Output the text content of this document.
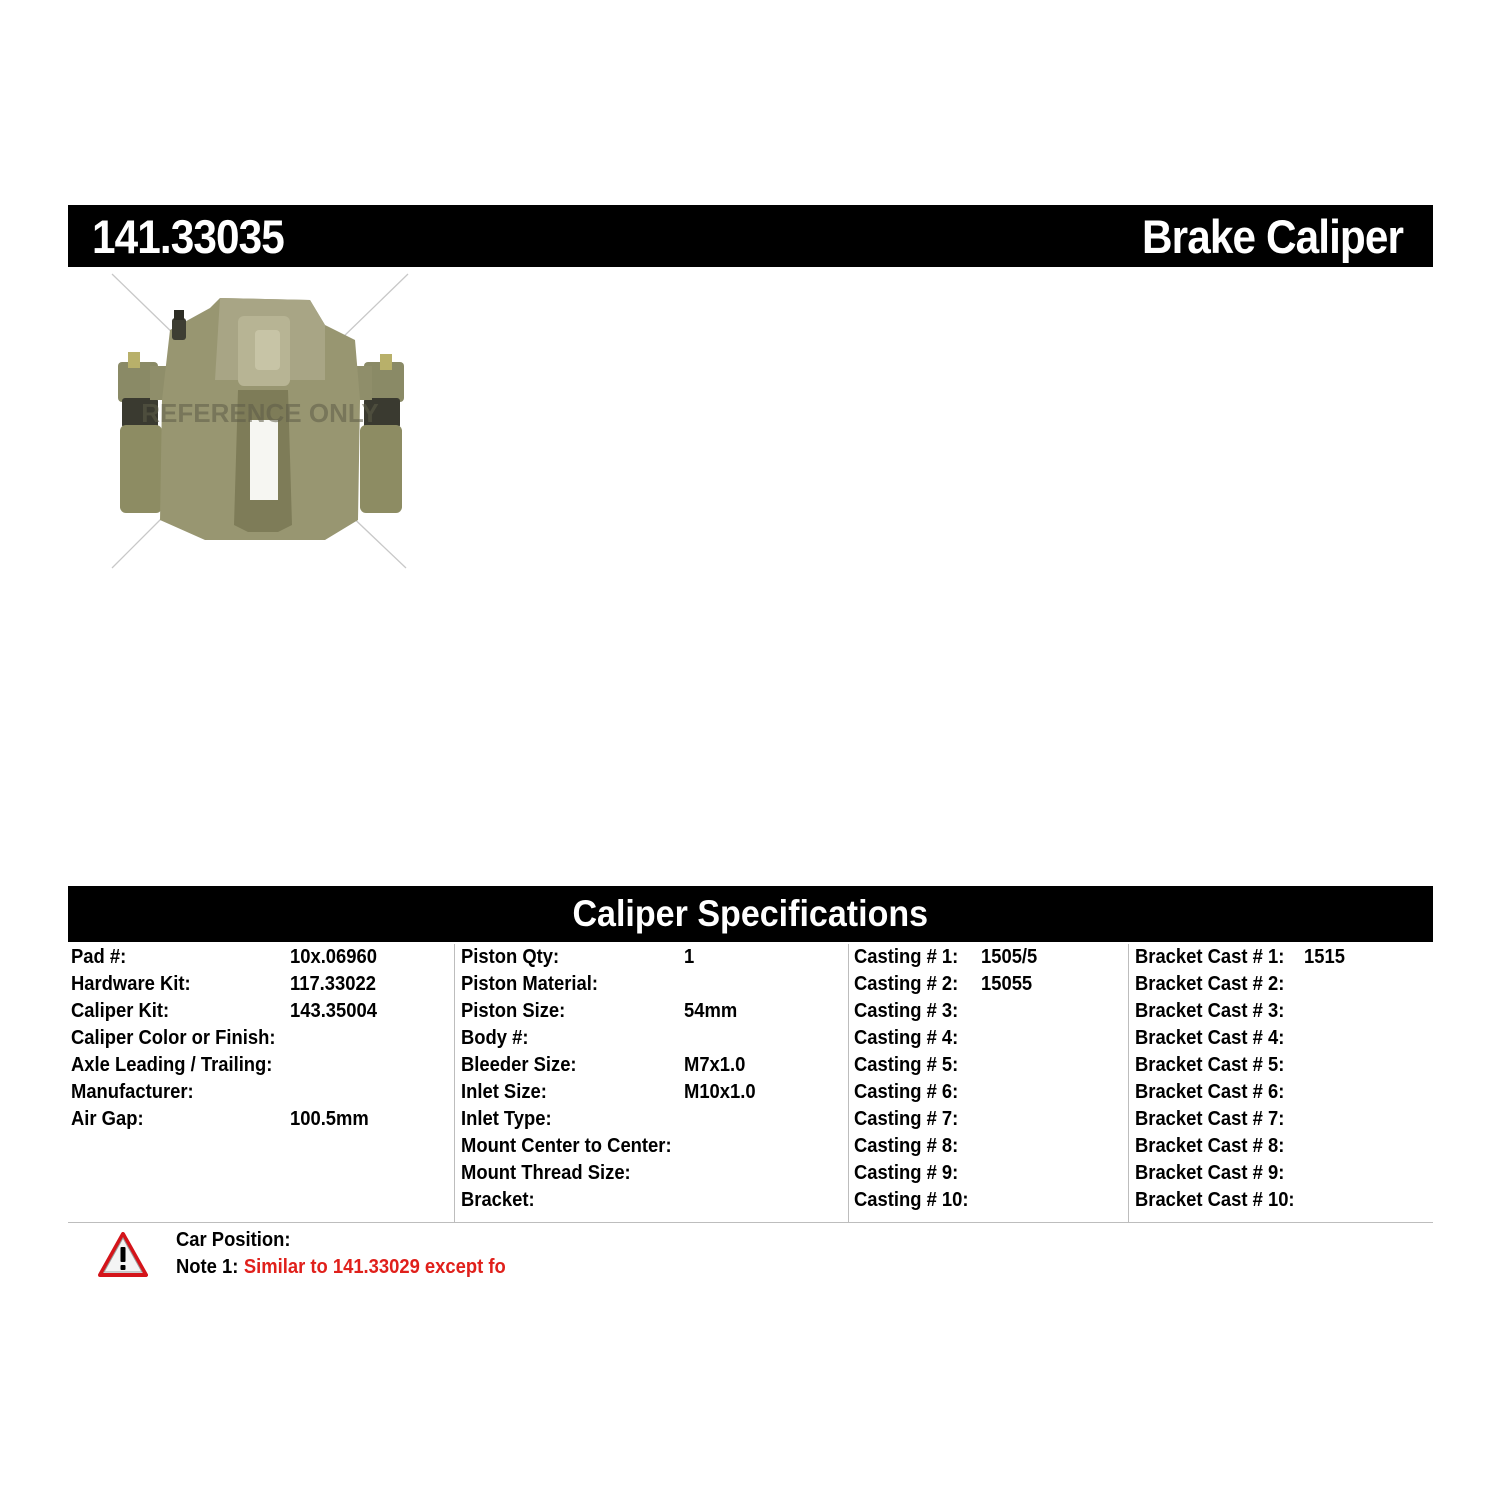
141.33035	Brake Caliper
REFERENCE ONLY
Caliper Specifications
Pad #:	10x.06960
Hardware Kit:	117.33022
Caliper Kit:	143.35004
Caliper Color or Finish:
Axle Leading / Trailing:
Manufacturer:
Air Gap:	100.5mm
Piston Qty:	1
Piston Material:
Piston Size:	54mm
Body #:
Bleeder Size:	M7x1.0
Inlet Size:	M10x1.0
Inlet Type:
Mount Center to Center:
Mount Thread Size:
Bracket:
Casting # 1: 1505/5
Casting # 2: 15055
Casting # 3:
Casting # 4:
Casting # 5:
Casting # 6:
Casting # 7:
Casting # 8:
Casting # 9:
Casting # 10:
Bracket Cast # 1: 1515
Bracket Cast # 2:
Bracket Cast # 3:
Bracket Cast # 4:
Bracket Cast # 5:
Bracket Cast # 6:
Bracket Cast # 7:
Bracket Cast # 8:
Bracket Cast # 9:
Bracket Cast # 10:
Car Position:
Note 1: Similar to 141.33029 except fo
